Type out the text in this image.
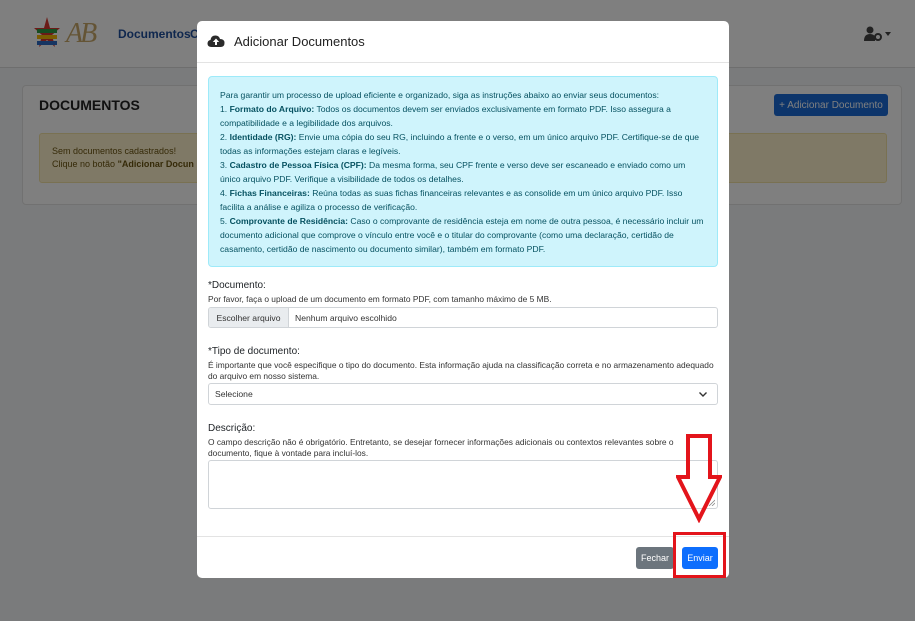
Adicionar Documentos

Para garantir um processo de upload eficiente e organizado, siga as instruções abaixo ao enviar seus documentos:

1. Formato do Arquivo: Todos os documentos devem ser enviados exclusivamente em formato PDF. Isso assegura a compatibilidade e a legibilidade dos arquivos.

2. Identidade (RG): Envie uma cópia do seu RG, incluindo a frente e o verso, em um único arquivo PDF. Certifique-se de que todas as informações estejam claras e legíveis.

3. Cadastro de Pessoa Física (CPF): Da mesma forma, seu CPF frente e verso deve ser escaneado e enviado como um único arquivo PDF. Verifique a visibilidade de todos os detalhes.

4. Fichas Financeiras: Reúna todas as suas fichas financeiras relevantes e as consolide em um único arquivo PDF. Isso facilita a análise e agiliza o processo de verificação.

5. Comprovante de Residência: Caso o comprovante de residência esteja em nome de outra pessoa, é necessário incluir um documento adicional que comprove o vínculo entre você e o titular do comprovante (como uma declaração, certidão de casamento, certidão de nascimento ou documento similar), também em formato PDF.

*Documento:
Por favor, faça o upload de um documento em formato PDF, com tamanho máximo de 5 MB.
Escolher arquivo	Nenhum arquivo escolhido
*Tipo de documento:
É importante que você especifique o tipo do documento. Esta informação ajuda na classificação correta e no armazenamento adequado do arquivo em nosso sistema.
Selecione
Descrição:
O campo descrição não é obrigatório. Entretanto, se desejar fornecer informações adicionais ou contextos relevantes sobre o documento, fique à vontade para incluí-los.
Fechar	Enviar
